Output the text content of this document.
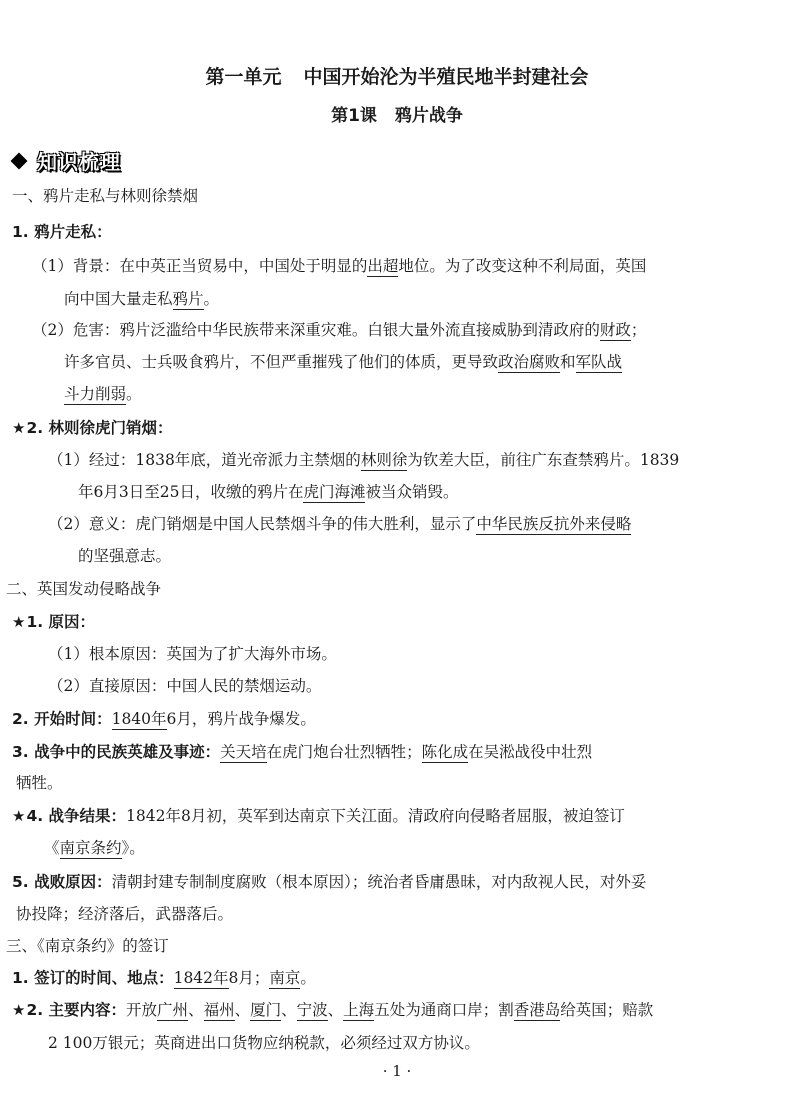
第一单元 中国开始沦为半殖民地半封建社会
第1课 鸦片战争
知识梳理
一、鸦片走私与林则徐禁烟
1. 鸦片走私：
（1）背景：在中英正当贸易中，中国处于明显的出超地位。为了改变这种不利局面，英国
向中国大量走私鸦片。
（2）危害：鸦片泛滥给中华民族带来深重灾难。白银大量外流直接威胁到清政府的财政；
许多官员、士兵吸食鸦片，不但严重摧残了他们的体质，更导致政治腐败和军队战
斗力削弱。
★2. 林则徐虎门销烟：
（1）经过：1838年底，道光帝派力主禁烟的林则徐为钦差大臣，前往广东查禁鸦片。1839
年6月3日至25日，收缴的鸦片在虎门海滩被当众销毁。
（2）意义：虎门销烟是中国人民禁烟斗争的伟大胜利，显示了中华民族反抗外来侵略
的坚强意志。
二、英国发动侵略战争
★1. 原因：
（1）根本原因：英国为了扩大海外市场。
（2）直接原因：中国人民的禁烟运动。
2. 开始时间：1840年6月，鸦片战争爆发。
3. 战争中的民族英雄及事迹：关天培在虎门炮台壮烈牺牲；陈化成在吴淞战役中壮烈
牺牲。
★4. 战争结果：1842年8月初，英军到达南京下关江面。清政府向侵略者屈服，被迫签订
《南京条约》。
5. 战败原因：清朝封建专制制度腐败（根本原因）；统治者昏庸愚昧，对内敌视人民，对外妥
协投降；经济落后，武器落后。
三、《南京条约》的签订
1. 签订的时间、地点：1842年8月；南京。
★2. 主要内容：开放广州、福州、厦门、宁波、上海五处为通商口岸；割香港岛给英国；赔款
2 100万银元；英商进出口货物应纳税款，必须经过双方协议。
· 1 ·
